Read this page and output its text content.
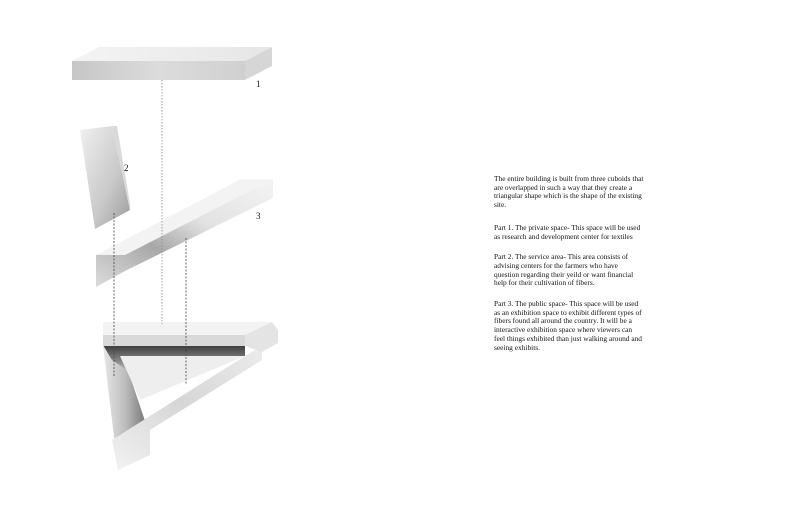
1
2
3

The entire building is built from three cuboids that are overlapped in such a way that they create a triangular shape which is the shape of the existing site.

Part 1. The private space- This space will be used as research and development center for textiles

Part 2. The service area- This area consists of advising centers for the farmers who have question regarding their yeild or want financial help for their cultivation of fibers.

Part 3. The public space- This space will be used as an exhibition space to exhibit different types of fibers found all around the country. It will be a interactive exhibition space where viewers can feel things exhibited than just walking around and seeing exhibits.
